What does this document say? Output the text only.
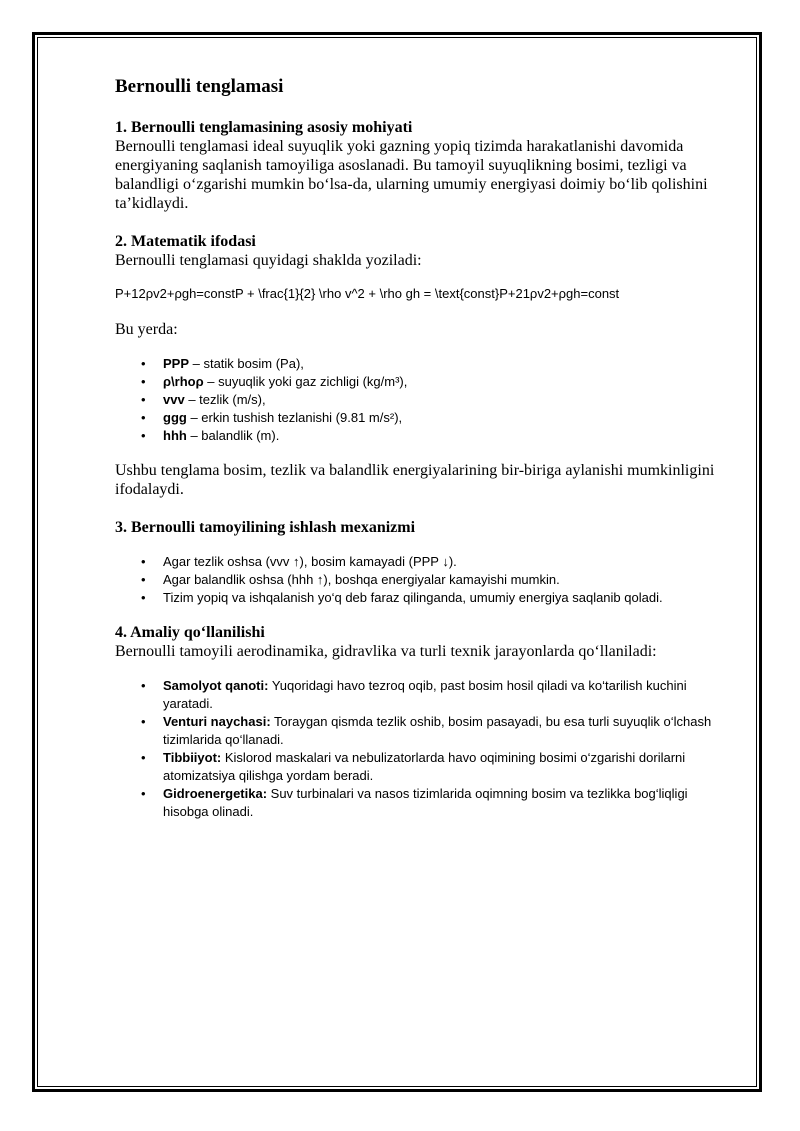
Bernoulli tenglamasi
1. Bernoulli tenglamasining asosiy mohiyati

Bernoulli tenglamasi ideal suyuqlik yoki gazning yopiq tizimda harakatlanishi davomida
energiyaning saqlanish tamoyiliga asoslanadi. Bu tamoyil suyuqlikning bosimi, tezligi va
balandligi o‘zgarishi mumkin bo‘lsa-da, ularning umumiy energiyasi doimiy bo‘lib qolishini
ta’kidlaydi.

2. Matematik ifodasi

Bernoulli tenglamasi quyidagi shaklda yoziladi:

P+12ρv2+ρgh=constP + \frac{1}{2} \rho v^2 + \rho gh = \text{const}P+21ρv2+ρgh=const

Bu yerda:

• PPP – statik bosim (Pa),
• ρ\rhoρ – suyuqlik yoki gaz zichligi (kg/m³),
• vvv – tezlik (m/s),
• ggg – erkin tushish tezlanishi (9.81 m/s²),
• hhh – balandlik (m).

Ushbu tenglama bosim, tezlik va balandlik energiyalarining bir-biriga aylanishi mumkinligini
ifodalaydi.

3. Bernoulli tamoyilining ishlash mexanizmi
• Agar tezlik oshsa (vvv ↑), bosim kamayadi (PPP ↓).
• Agar balandlik oshsa (hhh ↑), boshqa energiyalar kamayishi mumkin.
• Tizim yopiq va ishqalanish yo‘q deb faraz qilinganda, umumiy energiya saqlanib qoladi.
4. Amaliy qo‘llanilishi

Bernoulli tamoyili aerodinamika, gidravlika va turli texnik jarayonlarda qo‘llaniladi:

• Samolyot qanoti: Yuqoridagi havo tezroq oqib, past bosim hosil qiladi va ko‘tarilish kuchini
yaratadi.
• Venturi naychasi: Toraygan qismda tezlik oshib, bosim pasayadi, bu esa turli suyuqlik o‘lchash
tizimlarida qo‘llanadi.
• Tibbiiyot: Kislorod maskalari va nebulizatorlarda havo oqimining bosimi o‘zgarishi dorilarni
atomizatsiya qilishga yordam beradi.
• Gidroenergetika: Suv turbinalari va nasos tizimlarida oqimning bosim va tezlikka bog‘liqligi
hisobga olinadi.
